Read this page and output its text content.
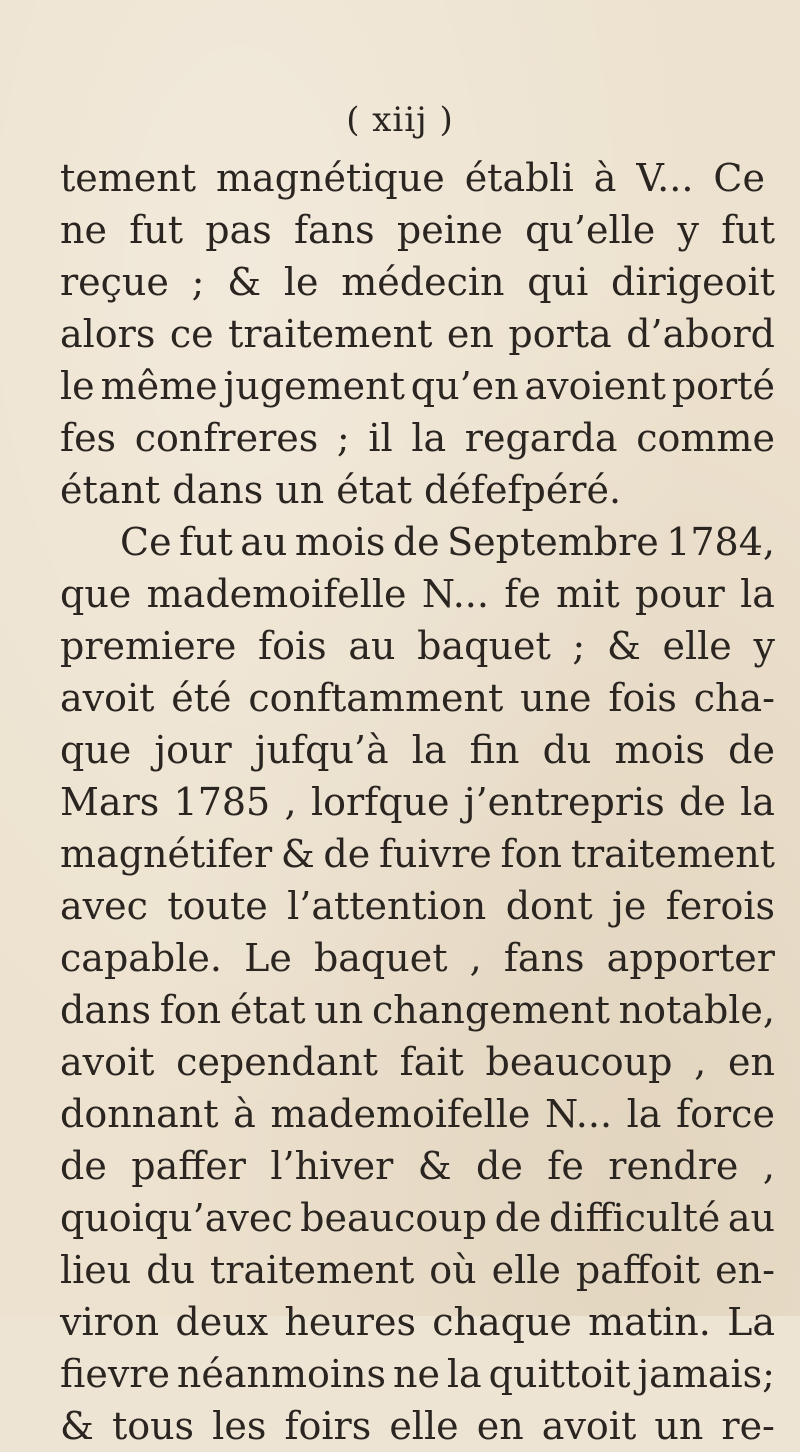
( xiij )
tement magnétique établi à V... Ce
ne fut pas fans peine qu’elle y fut
reçue ; & le médecin qui dirigeoit
alors ce traitement en porta d’abord
le même jugement qu’en avoient porté
fes confreres ; il la regarda comme
étant dans un état défefpéré.
Ce fut au mois de Septembre 1784,
que mademoifelle N... fe mit pour la
premiere fois au baquet ; & elle y
avoit été conftamment une fois cha-
que jour jufqu’à la fin du mois de
Mars 1785 , lorfque j’entrepris de la
magnétifer & de fuivre fon traitement
avec toute l’attention dont je ferois
capable. Le baquet , fans apporter
dans fon état un changement notable,
avoit cependant fait beaucoup , en
donnant à mademoifelle N... la force
de paffer l’hiver & de fe rendre ,
quoiqu’avec beaucoup de difficulté au
lieu du traitement où elle paffoit en-
viron deux heures chaque matin. La
fievre néanmoins ne la quittoit jamais;
& tous les foirs elle en avoit un re-
